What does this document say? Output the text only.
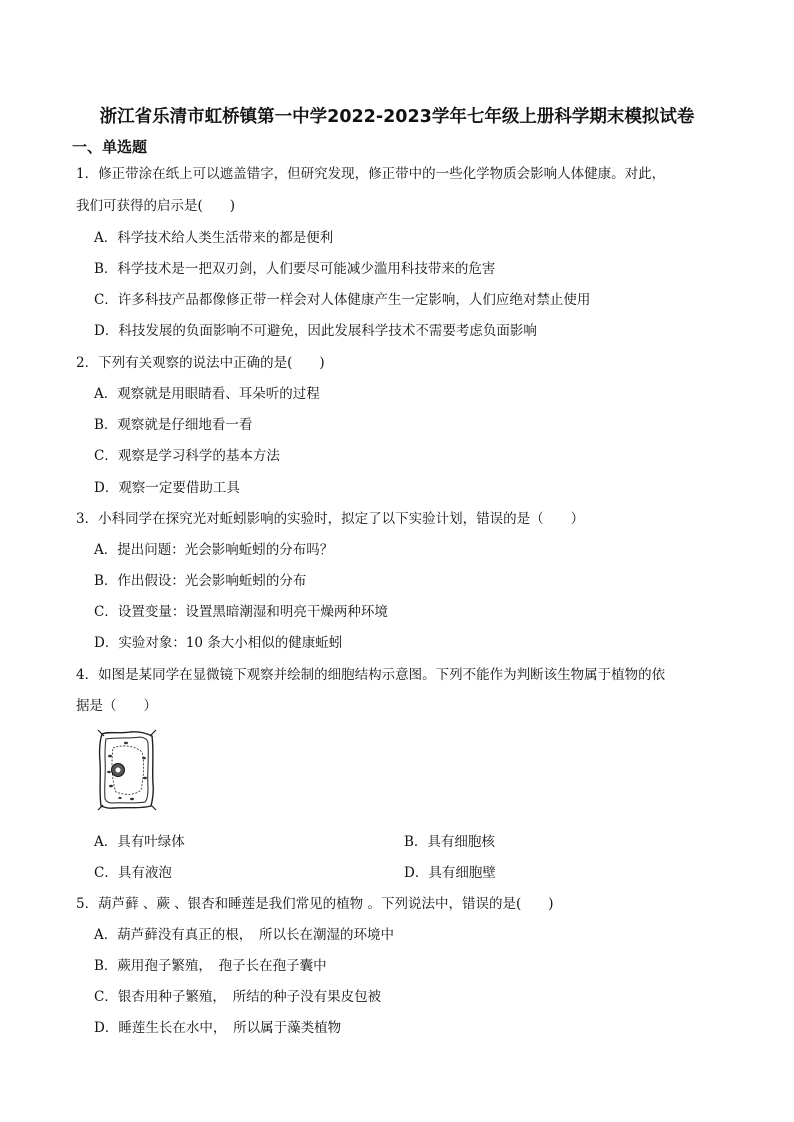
浙江省乐清市虹桥镇第一中学2022-2023学年七年级上册科学期末模拟试卷
一、单选题
1．修正带涂在纸上可以遮盖错字，但研究发现，修正带中的一些化学物质会影响人体健康。对此，
我们可获得的启示是(　　)
A．科学技术给人类生活带来的都是便利
B．科学技术是一把双刃剑，人们要尽可能减少滥用科技带来的危害
C．许多科技产品都像修正带一样会对人体健康产生一定影响，人们应绝对禁止使用
D．科技发展的负面影响不可避免，因此发展科学技术不需要考虑负面影响
2．下列有关观察的说法中正确的是(　　)
A．观察就是用眼睛看、耳朵听的过程
B．观察就是仔细地看一看
C．观察是学习科学的基本方法
D．观察一定要借助工具
3．小科同学在探究光对蚯蚓影响的实验时，拟定了以下实验计划，错误的是（　　）
A．提出问题：光会影响蚯蚓的分布吗？
B．作出假设：光会影响蚯蚓的分布
C．设置变量：设置黑暗潮湿和明亮干燥两种环境
D．实验对象：10 条大小相似的健康蚯蚓
4．如图是某同学在显微镜下观察并绘制的细胞结构示意图。下列不能作为判断该生物属于植物的依
据是（　　）
A．具有叶绿体	B．具有细胞核
C．具有液泡	D．具有细胞壁
5．葫芦藓 、蕨 、银杏和睡莲是我们常见的植物 。下列说法中，错误的是(　　)
A．葫芦藓没有真正的根，　所以长在潮湿的环境中
B．蕨用孢子繁殖，　孢子长在孢子囊中
C．银杏用种子繁殖，　所结的种子没有果皮包被
D．睡莲生长在水中，　所以属于藻类植物
